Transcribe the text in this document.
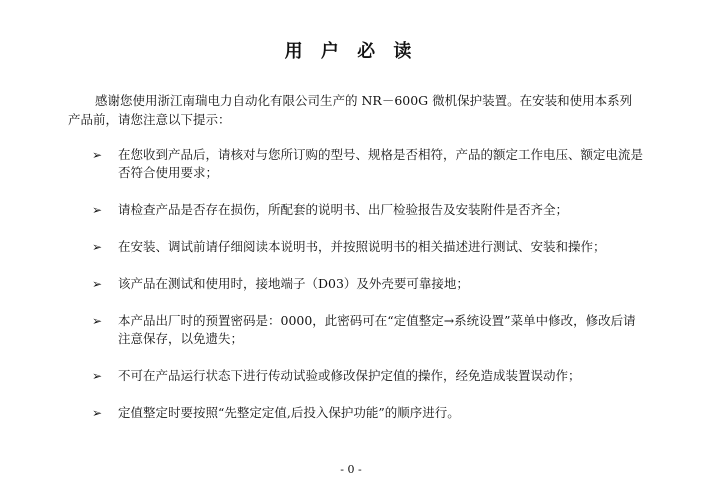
用 户 必 读

感谢您使用浙江南瑞电力自动化有限公司生产的 NR－600G 微机保护装置。在安装和使用本系列产品前，请您注意以下提示：

➢
在您收到产品后，请核对与您所订购的型号、规格是否相符，产品的额定工作电压、额定电流是否符合使用要求；
➢
请检查产品是否存在损伤，所配套的说明书、出厂检验报告及安装附件是否齐全；
➢
在安装、调试前请仔细阅读本说明书，并按照说明书的相关描述进行测试、安装和操作；
➢
该产品在测试和使用时，接地端子（D03）及外壳要可靠接地；
➢
本产品出厂时的预置密码是：0000，此密码可在“定值整定→系统设置”菜单中修改，修改后请注意保存，以免遗失；
➢
不可在产品运行状态下进行传动试验或修改保护定值的操作，经免造成装置误动作；
➢
定值整定时要按照“先整定定值,后投入保护功能”的顺序进行。
- 0 -
